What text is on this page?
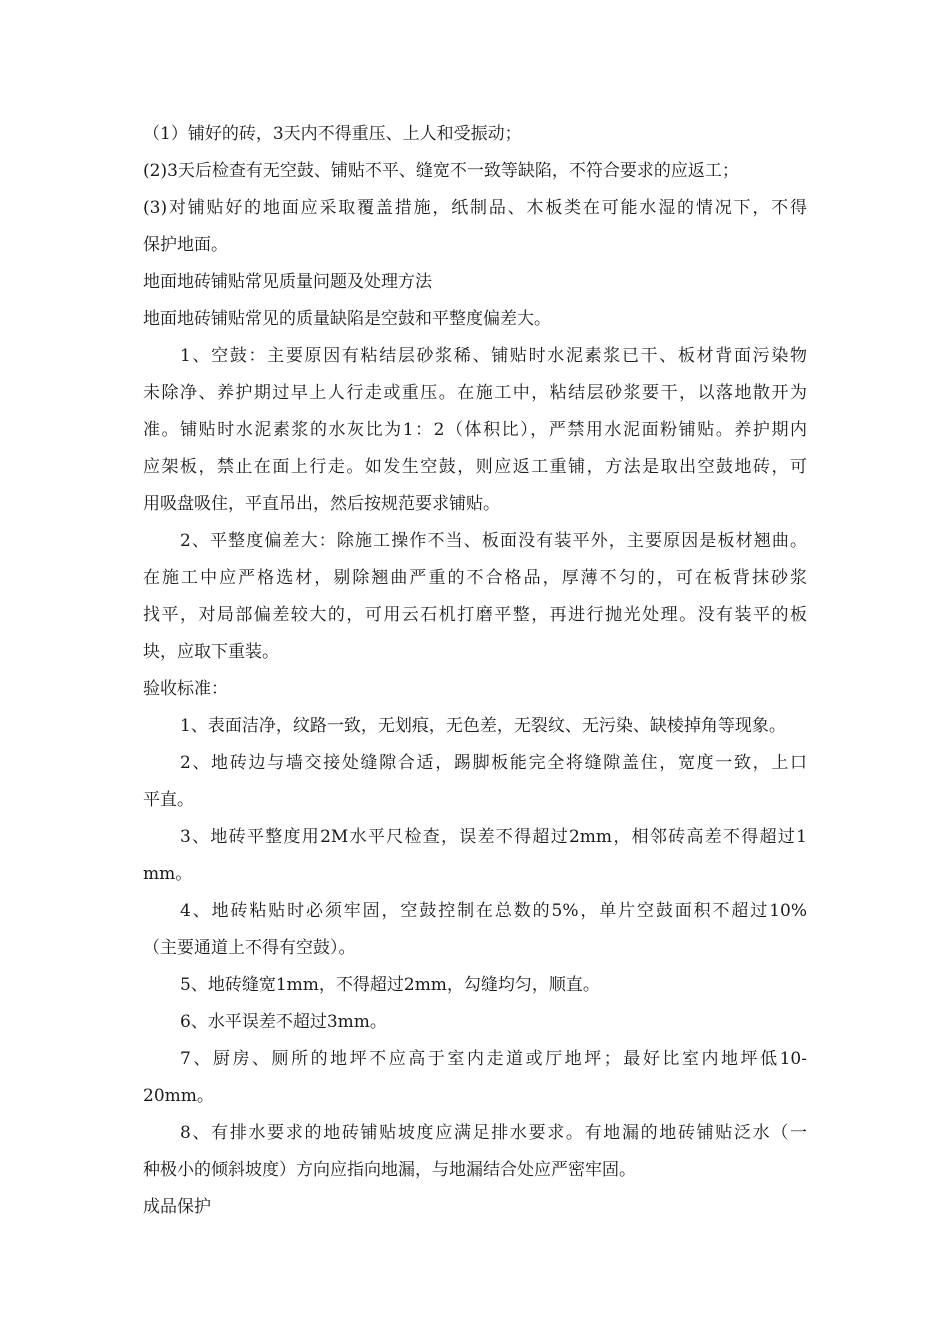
（1）铺好的砖，3天内不得重压、上人和受振动；
(2)3天后检查有无空鼓、铺贴不平、缝宽不一致等缺陷，不符合要求的应返工；
(3)对铺贴好的地面应采取覆盖措施，纸制品、木板类在可能水湿的情况下，不得
保护地面。
地面地砖铺贴常见质量问题及处理方法
地面地砖铺贴常见的质量缺陷是空鼓和平整度偏差大。
1、空鼓：主要原因有粘结层砂浆稀、铺贴时水泥素浆已干、板材背面污染物
未除净、养护期过早上人行走或重压。在施工中，粘结层砂浆要干，以落地散开为
准。铺贴时水泥素浆的水灰比为1：2（体积比），严禁用水泥面粉铺贴。养护期内
应架板，禁止在面上行走。如发生空鼓，则应返工重铺，方法是取出空鼓地砖，可
用吸盘吸住，平直吊出，然后按规范要求铺贴。
2、平整度偏差大：除施工操作不当、板面没有装平外，主要原因是板材翘曲。
在施工中应严格选材，剔除翘曲严重的不合格品，厚薄不匀的，可在板背抹砂浆
找平，对局部偏差较大的，可用云石机打磨平整，再进行抛光处理。没有装平的板
块，应取下重装。
验收标准：
1、表面洁净，纹路一致，无划痕，无色差，无裂纹、无污染、缺棱掉角等现象。
2、地砖边与墙交接处缝隙合适，踢脚板能完全将缝隙盖住，宽度一致，上口
平直。
3、地砖平整度用2M水平尺检查，误差不得超过2mm，相邻砖高差不得超过1
mm。
4、地砖粘贴时必须牢固，空鼓控制在总数的5%，单片空鼓面积不超过10%
（主要通道上不得有空鼓）。
5、地砖缝宽1mm，不得超过2mm，勾缝均匀，顺直。
6、水平误差不超过3mm。
7、厨房、厕所的地坪不应高于室内走道或厅地坪；最好比室内地坪低10-
20mm。
8、有排水要求的地砖铺贴坡度应满足排水要求。有地漏的地砖铺贴泛水（一
种极小的倾斜坡度）方向应指向地漏，与地漏结合处应严密牢固。
成品保护
